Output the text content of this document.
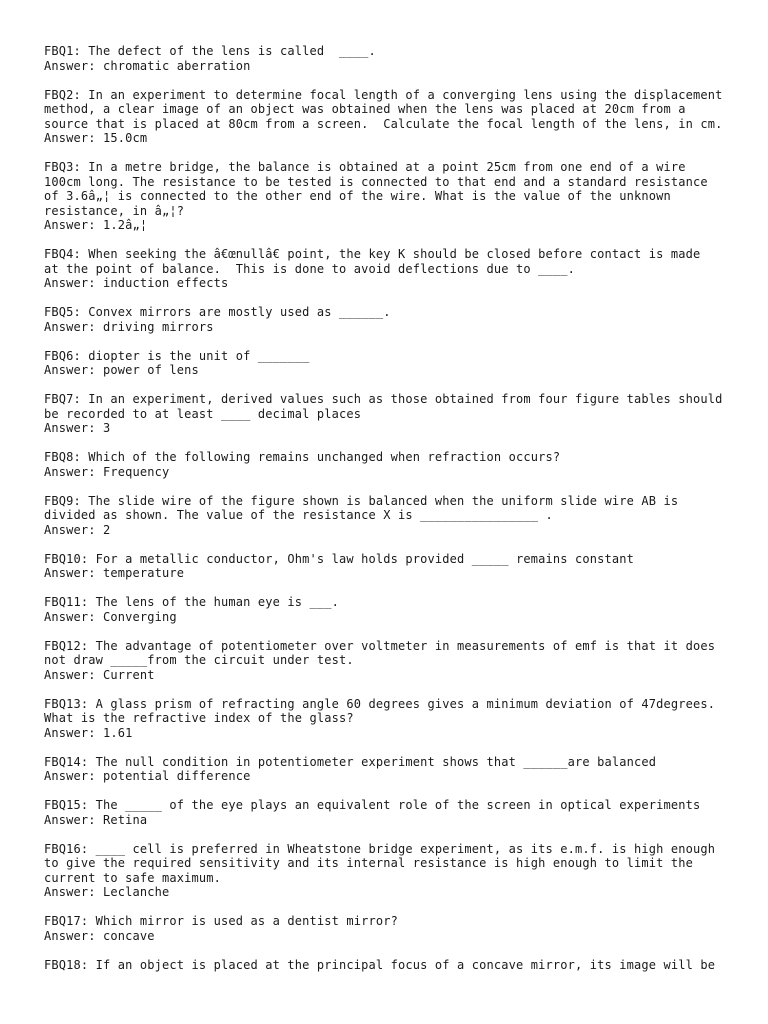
FBQ1: The defect of the lens is called  ____.
Answer: chromatic aberration
FBQ2: In an experiment to determine focal length of a converging lens using the displacement
method, a clear image of an object was obtained when the lens was placed at 20cm from a
source that is placed at 80cm from a screen.  Calculate the focal length of the lens, in cm.
Answer: 15.0cm
FBQ3: In a metre bridge, the balance is obtained at a point 25cm from one end of a wire
100cm long. The resistance to be tested is connected to that end and a standard resistance
of 3.6â„¦ is connected to the other end of the wire. What is the value of the unknown
resistance, in â„¦?
Answer: 1.2â„¦
FBQ4: When seeking the â€œnullâ€ point, the key K should be closed before contact is made
at the point of balance.  This is done to avoid deflections due to ____.
Answer: induction effects
FBQ5: Convex mirrors are mostly used as ______.
Answer: driving mirrors
FBQ6: diopter is the unit of _______
Answer: power of lens
FBQ7: In an experiment, derived values such as those obtained from four figure tables should
be recorded to at least ____ decimal places
Answer: 3
FBQ8: Which of the following remains unchanged when refraction occurs?
Answer: Frequency
FBQ9: The slide wire of the figure shown is balanced when the uniform slide wire AB is
divided as shown. The value of the resistance X is ________________ .
Answer: 2
FBQ10: For a metallic conductor, Ohm's law holds provided _____ remains constant
Answer: temperature
FBQ11: The lens of the human eye is ___.
Answer: Converging
FBQ12: The advantage of potentiometer over voltmeter in measurements of emf is that it does
not draw _____from the circuit under test.
Answer: Current
FBQ13: A glass prism of refracting angle 60 degrees gives a minimum deviation of 47degrees.
What is the refractive index of the glass?
Answer: 1.61
FBQ14: The null condition in potentiometer experiment shows that ______are balanced
Answer: potential difference
FBQ15: The _____ of the eye plays an equivalent role of the screen in optical experiments
Answer: Retina
FBQ16: ____ cell is preferred in Wheatstone bridge experiment, as its e.m.f. is high enough
to give the required sensitivity and its internal resistance is high enough to limit the
current to safe maximum.
Answer: Leclanche
FBQ17: Which mirror is used as a dentist mirror?
Answer: concave
FBQ18: If an object is placed at the principal focus of a concave mirror, its image will be
